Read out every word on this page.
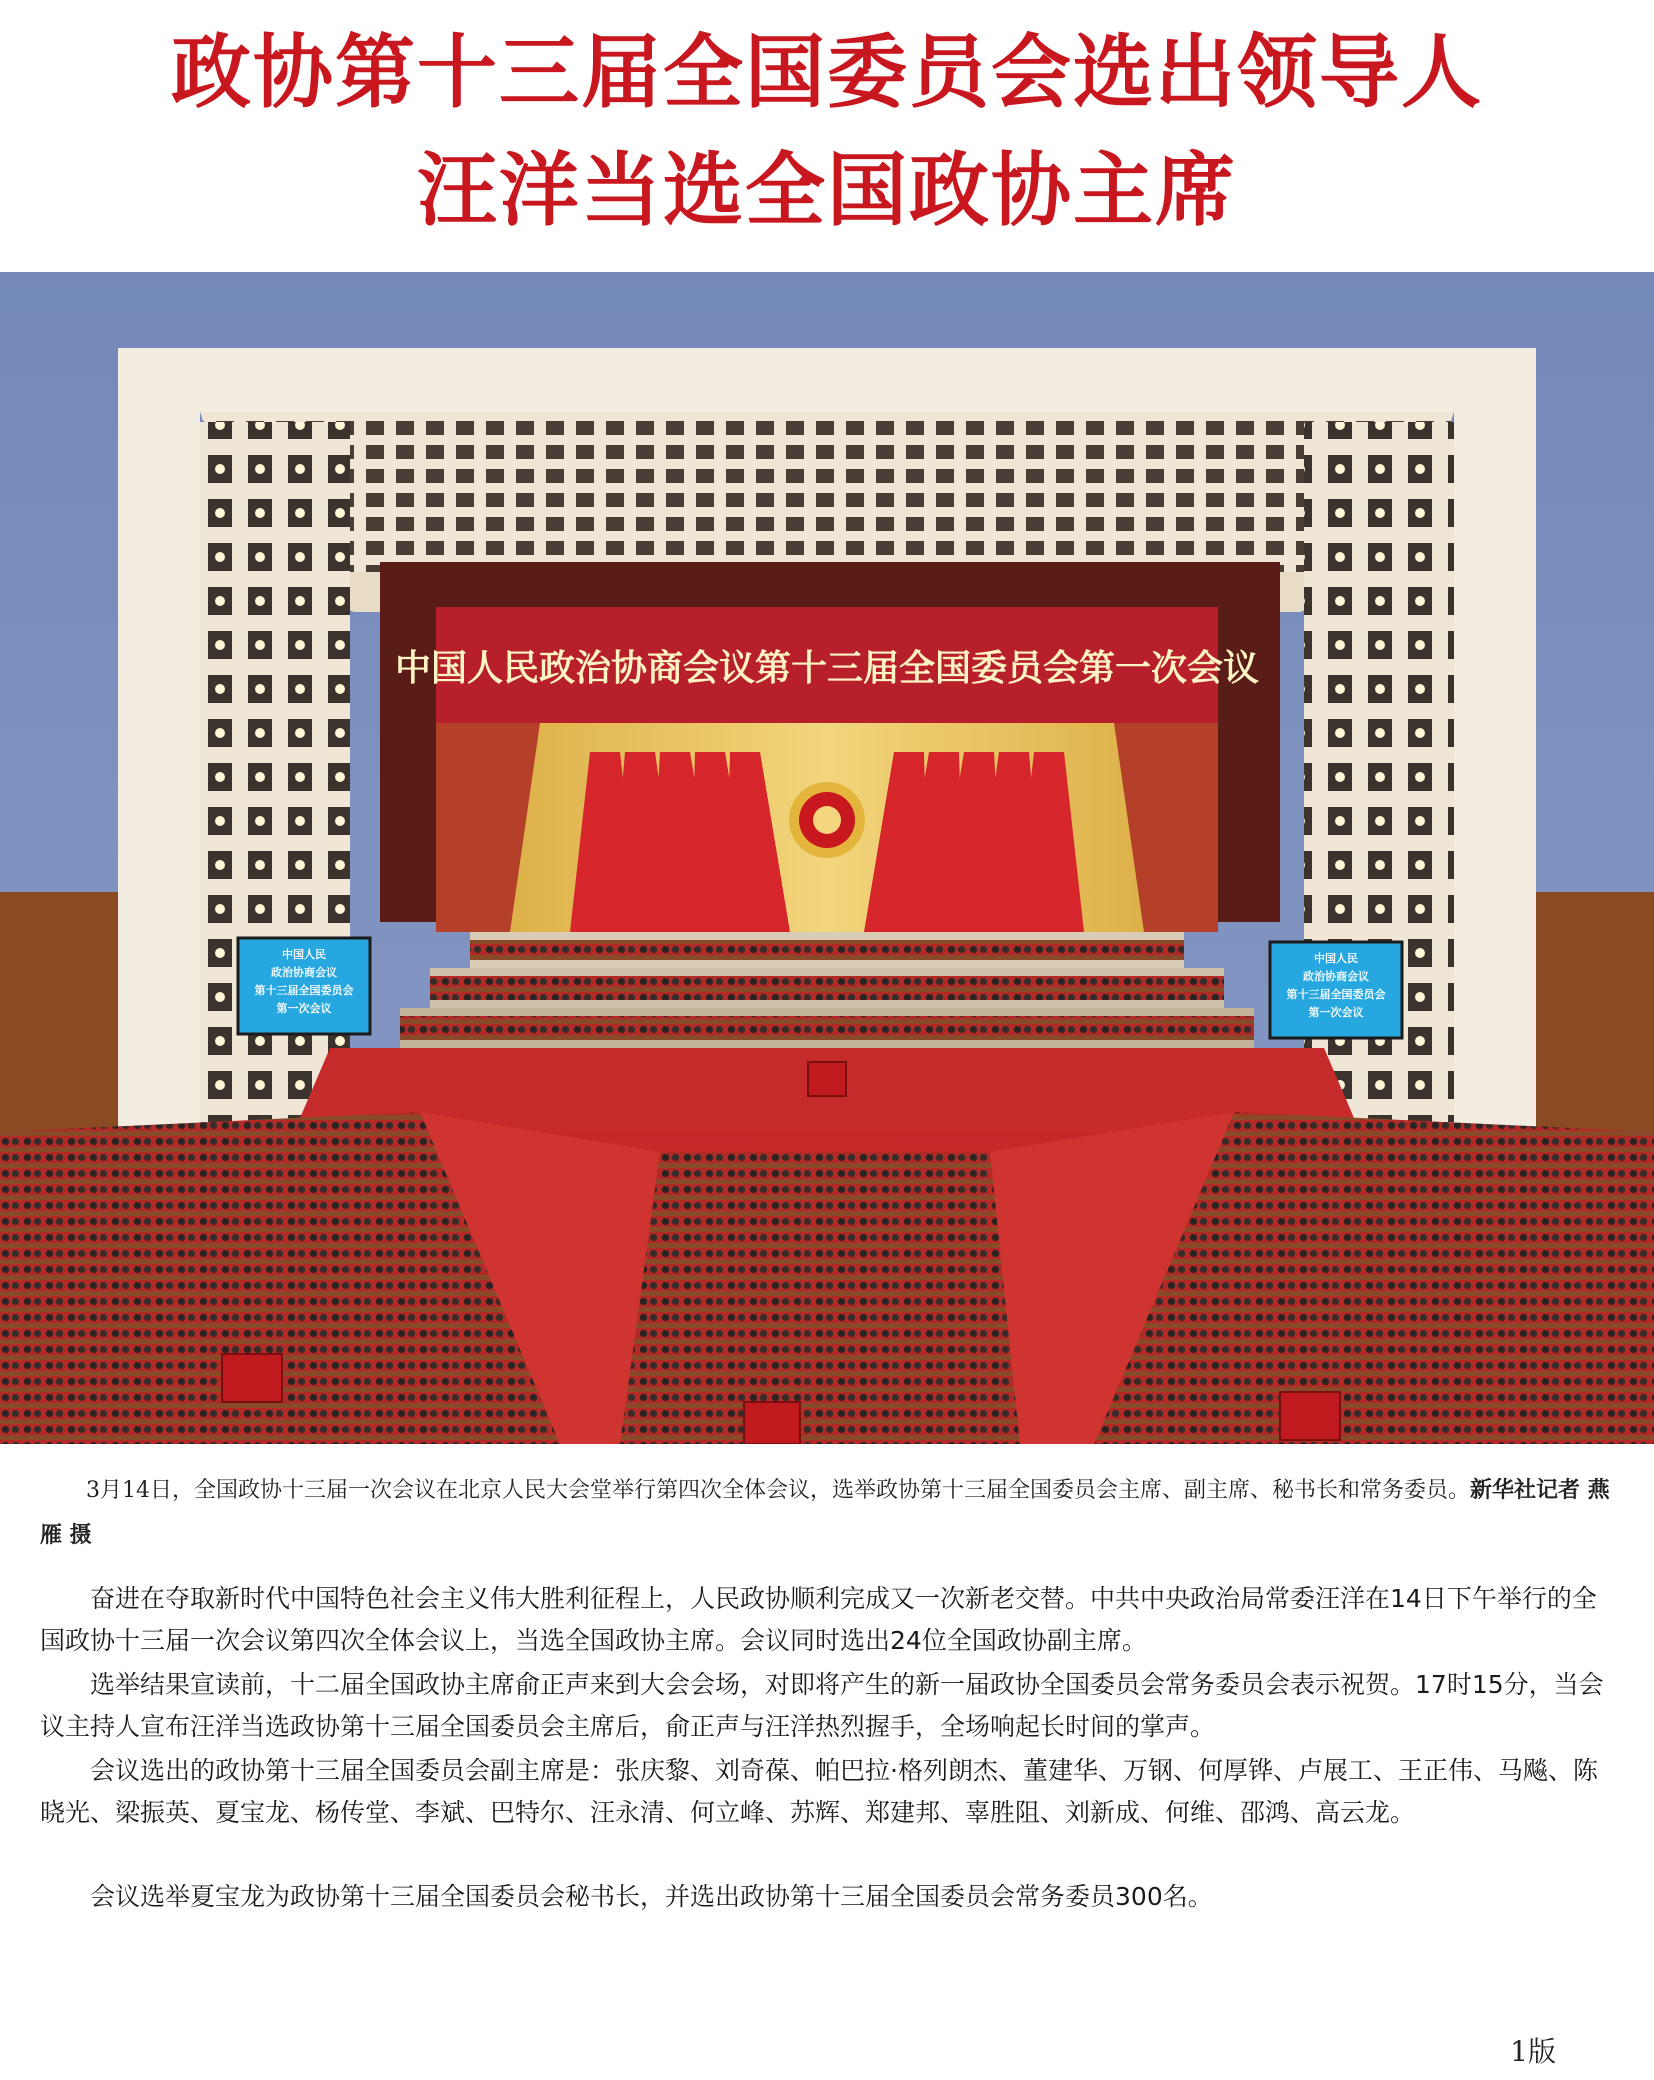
政协第十三届全国委员会选出领导人
汪洋当选全国政协主席
中国人民政治协商会议第十三届全国委员会第一次会议
中国人民
政治协商会议
第十三届全国委员会
第一次会议
中国人民
政治协商会议
第十三届全国委员会
第一次会议
3月14日，全国政协十三届一次会议在北京人民大会堂举行第四次全体会议，选举政协第十三届全国委员会主席、副主席、秘书长和常务委员。新华社记者 燕雁 摄

奋进在夺取新时代中国特色社会主义伟大胜利征程上，人民政协顺利完成又一次新老交替。中共中央政治局常委汪洋在14日下午举行的全国政协十三届一次会议第四次全体会议上，当选全国政协主席。会议同时选出24位全国政协副主席。

选举结果宣读前，十二届全国政协主席俞正声来到大会会场，对即将产生的新一届政协全国委员会常务委员会表示祝贺。17时15分，当会议主持人宣布汪洋当选政协第十三届全国委员会主席后，俞正声与汪洋热烈握手，全场响起长时间的掌声。

会议选出的政协第十三届全国委员会副主席是：张庆黎、刘奇葆、帕巴拉·格列朗杰、董建华、万钢、何厚铧、卢展工、王正伟、马飚、陈晓光、梁振英、夏宝龙、杨传堂、李斌、巴特尔、汪永清、何立峰、苏辉、郑建邦、辜胜阻、刘新成、何维、邵鸿、高云龙。

会议选举夏宝龙为政协第十三届全国委员会秘书长，并选出政协第十三届全国委员会常务委员300名。

1版
